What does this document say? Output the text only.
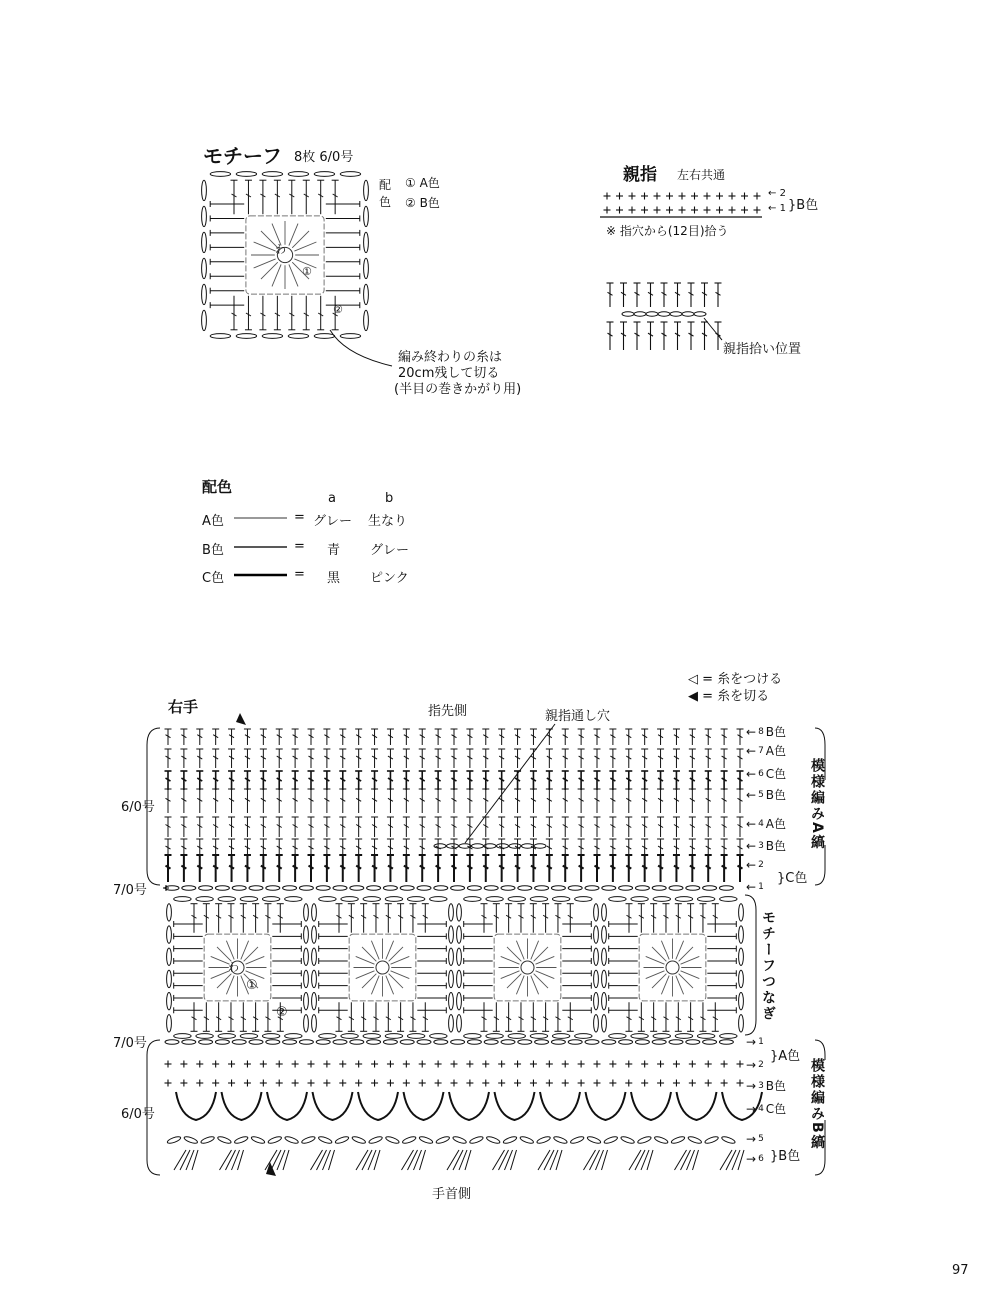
モチーフ 8枚 6/0号
配
色
① A色
② B色
わ
①
②
編み終わりの糸は
20cm残して切る
(半目の巻きかがり用)
親指 左右共通
← 2
← 1 }B色
※ 指穴から(12目)拾う
親指拾い位置
配色
a	b
A色	= グレー 生なり
B色	= 青 グレー
C色	= 黒 ピンク
◁ = 糸をつける
◀ = 糸を切る
右手	指先側	親指通し穴
手首側
6/0号
7/0号
7/0号
6/0号
①
②
わ
模様編みA縞
モチーフつなぎ
模様編みB縞
← 8 B色
← 7 A色
← 6 C色
← 5 B色
← 4 A色
← 3 B色
← 2
← 1
}C色
→ 1
→ 2
→ 3 B色
→ 4 C色
→ 5
→ 6
}A色
}B色
97
